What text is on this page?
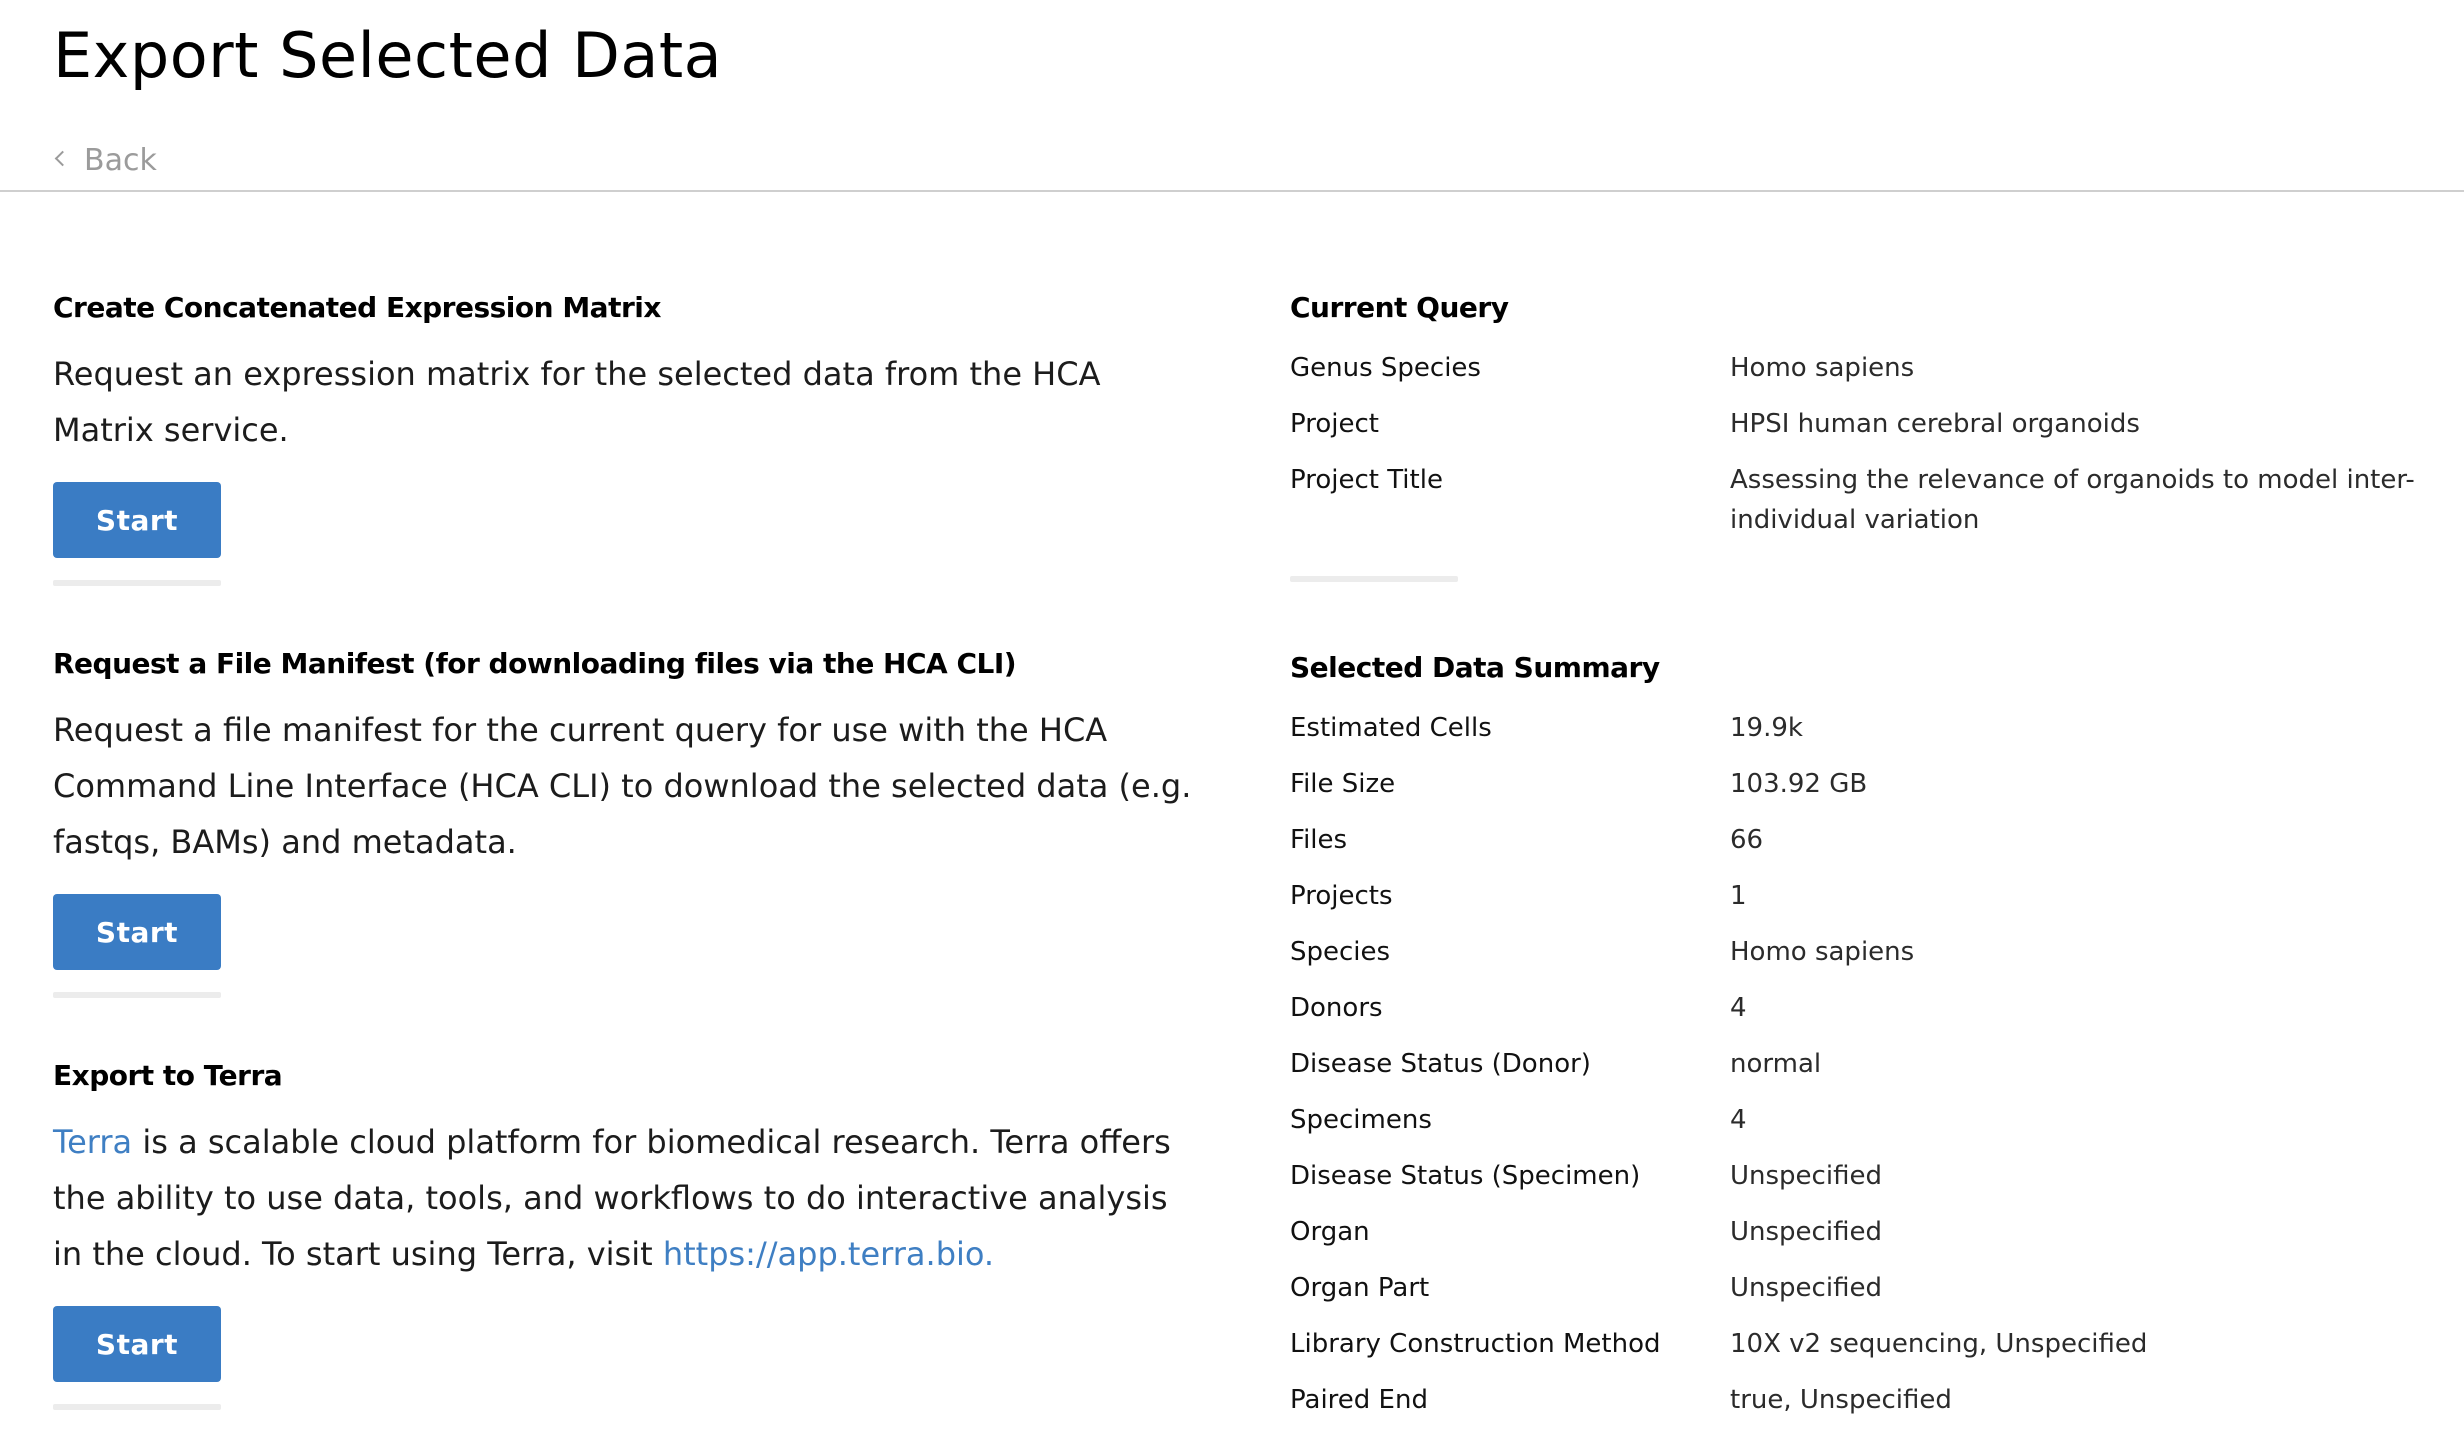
Export Selected Data
Back
Create Concatenated Expression Matrix

Request an expression matrix for the selected data from the HCA Matrix service.

Start
Request a File Manifest (for downloading files via the HCA CLI)

Request a file manifest for the current query for use with the HCA Command Line Interface (HCA CLI) to download the selected data (e.g. fastqs, BAMs) and metadata.

Start
Export to Terra

Terra is a scalable cloud platform for biomedical research. Terra offers the ability to use data, tools, and workflows to do interactive analysis in the cloud. To start using Terra, visit https://app.terra.bio.

Start
Current Query
Genus Species	Homo sapiens
Project	HPSI human cerebral organoids
Project Title	Assessing the relevance of organoids to model inter-individual variation
Selected Data Summary
Estimated Cells	19.9k
File Size	103.92 GB
Files	66
Projects	1
Species	Homo sapiens
Donors	4
Disease Status (Donor)	normal
Specimens	4
Disease Status (Specimen)	Unspecified
Organ	Unspecified
Organ Part	Unspecified
Library Construction Method	10X v2 sequencing, Unspecified
Paired End	true, Unspecified
